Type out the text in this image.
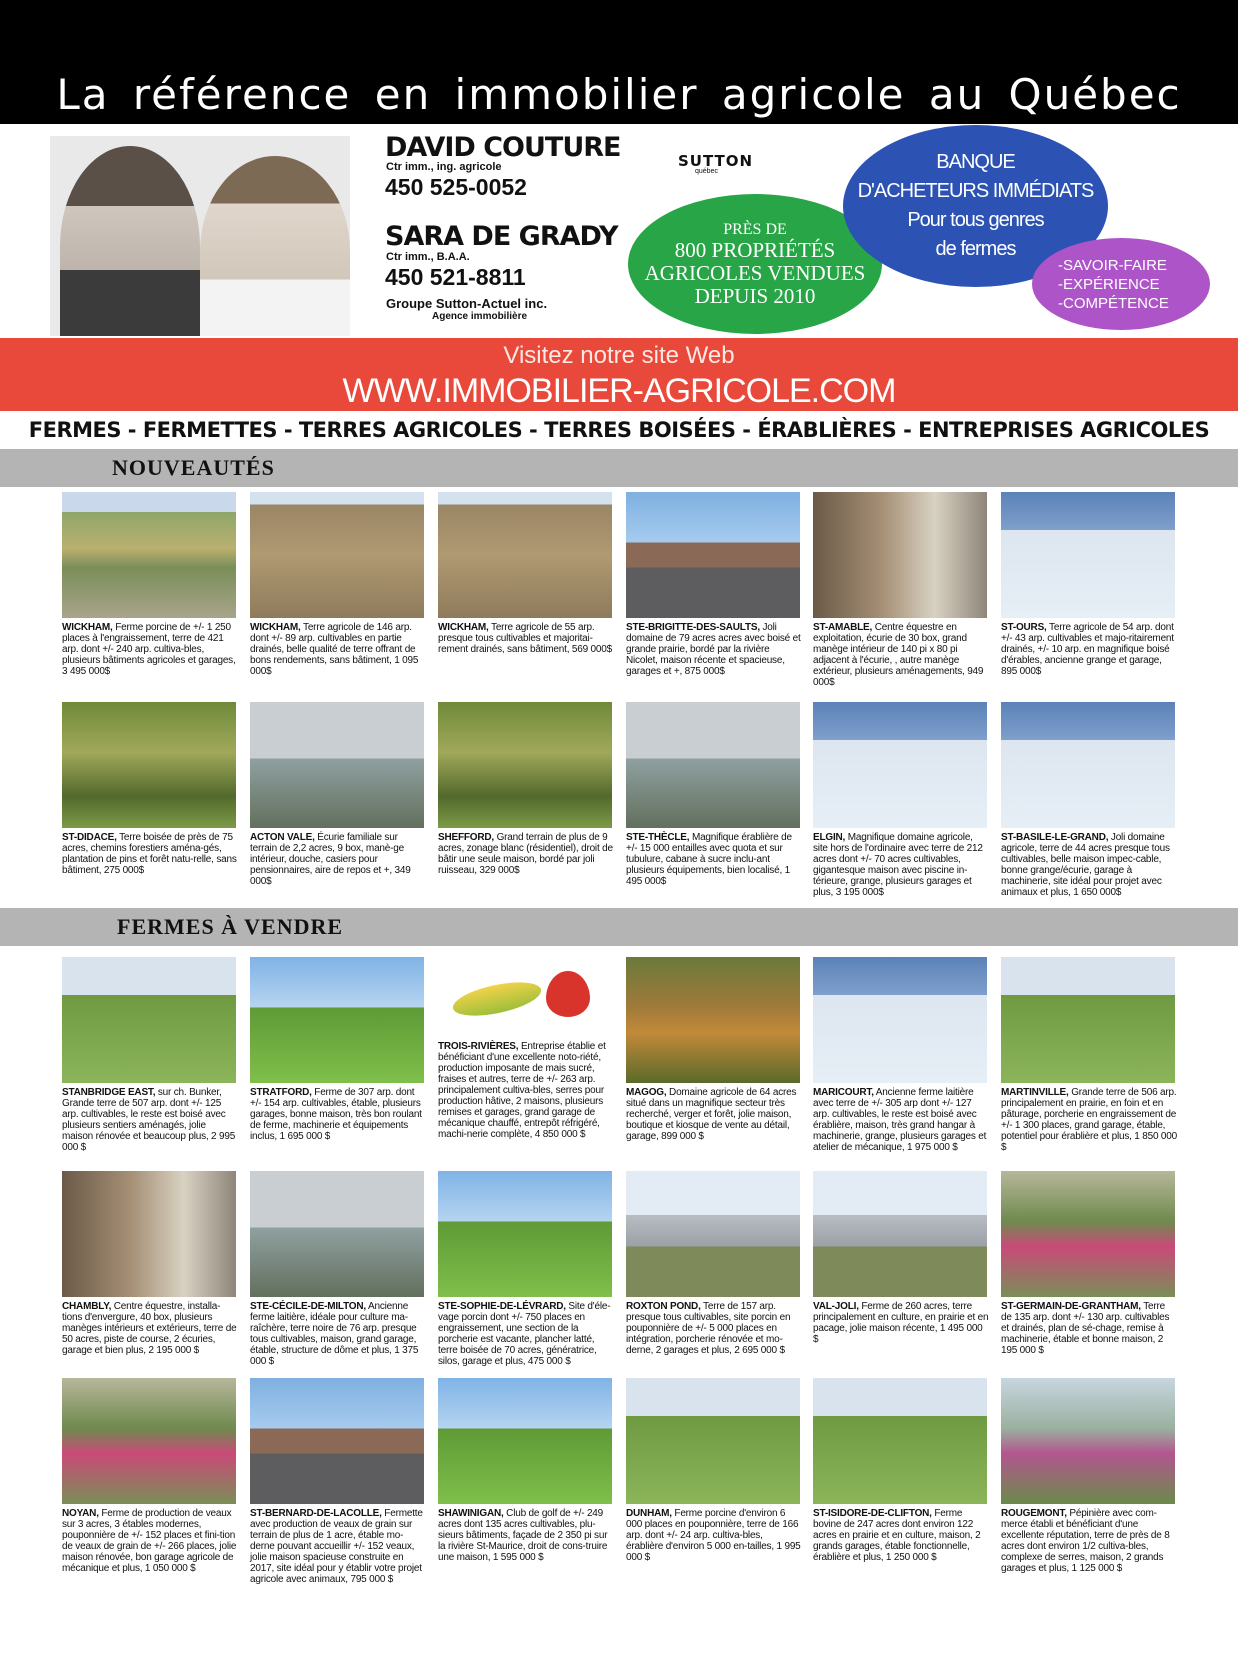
La référence en immobilier agricole au Québec
DAVID COUTURE
Ctr imm., ing. agricole
450 525-0052
SARA DE GRADY
Ctr imm., B.A.A.
450 521-8811
Groupe Sutton-Actuel inc.
Agence immobilière
SUTTON
québec
PRÈS DE
800 PROPRIÉTÉS
AGRICOLES VENDUES
DEPUIS 2010
BANQUE
D'ACHETEURS IMMÉDIATS
Pour tous genres
de fermes
-SAVOIR-FAIRE
-EXPÉRIENCE
-COMPÉTENCE
Visitez notre site Web
WWW.IMMOBILIER-AGRICOLE.COM
FERMES - FERMETTES - TERRES AGRICOLES - TERRES BOISÉES - ÉRABLIÈRES - ENTREPRISES AGRICOLES
NOUVEAUTÉS
FERMES À VENDRE
WICKHAM, Ferme porcine de +/- 1 250 places à l'engraissement, terre de 421 arp. dont +/- 240 arp. cultiva-bles, plusieurs bâtiments agricoles et garages, 3 495 000$
WICKHAM, Terre agricole de 146 arp. dont +/- 89 arp. cultivables en partie drainés, belle qualité de terre offrant de bons rendements, sans bâtiment, 1 095 000$
WICKHAM, Terre agricole de 55 arp. presque tous cultivables et majoritai-rement drainés, sans bâtiment, 569 000$
STE-BRIGITTE-DES-SAULTS, Joli domaine de 79 acres acres avec boisé et grande prairie, bordé par la rivière Nicolet, maison récente et spacieuse, garages et +, 875 000$
ST-AMABLE, Centre équestre en exploitation, écurie de 30 box, grand manège intérieur de 140 pi x 80 pi adjacent à l'écurie, , autre manège extérieur, plusieurs aménagements, 949 000$
ST-OURS, Terre agricole de 54 arp. dont +/- 43 arp. cultivables et majo-ritairement drainés, +/- 10 arp. en magnifique boisé d'érables, ancienne grange et garage, 895 000$
ST-DIDACE, Terre boisée de près de 75 acres, chemins forestiers aména-gés, plantation de pins et forêt natu-relle, sans bâtiment, 275 000$
ACTON VALE, Écurie familiale sur terrain de 2,2 acres, 9 box, manè-ge intérieur, douche, casiers pour pensionnaires, aire de repos et +, 349 000$
SHEFFORD, Grand terrain de plus de 9 acres, zonage blanc (résidentiel), droit de bâtir une seule maison, bordé par joli ruisseau, 329 000$
STE-THÈCLE, Magnifique érablière de +/- 15 000 entailles avec quota et sur tubulure, cabane à sucre inclu-ant plusieurs équipements, bien localisé, 1 495 000$
ELGIN, Magnifique domaine agricole, site hors de l'ordinaire avec terre de 212 acres dont +/- 70 acres cultivables, gigantesque maison avec piscine in-térieure, grange, plusieurs garages et plus, 3 195 000$
ST-BASILE-LE-GRAND, Joli domaine agricole, terre de 44 acres presque tous cultivables, belle maison impec-cable, bonne grange/écurie, garage à machinerie, site idéal pour projet avec animaux et plus, 1 650 000$
STANBRIDGE EAST, sur ch. Bunker, Grande terre de 507 arp. dont +/- 125 arp. cultivables, le reste est boisé avec plusieurs sentiers aménagés, jolie maison rénovée et beaucoup plus, 2 995 000 $
STRATFORD, Ferme de 307 arp. dont +/- 154 arp. cultivables, étable, plusieurs garages, bonne maison, très bon roulant de ferme, machinerie et équipements inclus, 1 695 000 $
TROIS-RIVIÈRES, Entreprise établie et bénéficiant d'une excellente noto-riété, production imposante de mais sucré, fraises et autres, terre de +/- 263 arp. principalement cultiva-bles, serres pour production hâtive, 2 maisons, plusieurs remises et garages, grand garage de mécanique chauffé, entrepôt réfrigéré, machi-nerie complète, 4 850 000 $
MAGOG, Domaine agricole de 64 acres situé dans un magnifique secteur très recherché, verger et forêt, jolie maison, boutique et kiosque de vente au détail, garage, 899 000 $
MARICOURT, Ancienne ferme laitière avec terre de +/- 305 arp dont +/- 127 arp. cultivables, le reste est boisé avec érablière, maison, très grand hangar à machinerie, grange, plusieurs garages et atelier de mécanique, 1 975 000 $
MARTINVILLE, Grande terre de 506 arp. principalement en prairie, en foin et en pâturage, porcherie en engraissement de +/- 1 300 places, grand garage, étable, potentiel pour érablière et plus, 1 850 000 $
CHAMBLY, Centre équestre, installa-tions d'envergure, 40 box, plusieurs manèges intérieurs et extérieurs, terre de 50 acres, piste de course, 2 écuries, garage et bien plus, 2 195 000 $
STE-CÉCILE-DE-MILTON, Ancienne ferme laitière, idéale pour culture ma-raîchère, terre noire de 76 arp. presque tous cultivables, maison, grand garage, étable, structure de dôme et plus, 1 375 000 $
STE-SOPHIE-DE-LÉVRARD, Site d'éle-vage porcin dont +/- 750 places en engraissement, une section de la porcherie est vacante, plancher latté, terre boisée de 70 acres, génératrice, silos, garage et plus, 475 000 $
ROXTON POND, Terre de 157 arp. presque tous cultivables, site porcin en pouponnière de +/- 5 000 places en intégration, porcherie rénovée et mo-derne, 2 garages et plus, 2 695 000 $
VAL-JOLI, Ferme de 260 acres, terre principalement en culture, en prairie et en pacage, jolie maison récente, 1 495 000 $
ST-GERMAIN-DE-GRANTHAM, Terre de 135 arp. dont +/- 130 arp. cultivables et drainés, plan de sé-chage, remise à machinerie, étable et bonne maison, 2 195 000 $
NOYAN, Ferme de production de veaux sur 3 acres, 3 étables modernes, pouponnière de +/- 152 places et fini-tion de veaux de grain de +/- 266 places, jolie maison rénovée, bon garage agricole de mécanique et plus, 1 050 000 $
ST-BERNARD-DE-LACOLLE, Fermette avec production de veaux de grain sur terrain de plus de 1 acre, étable mo-derne pouvant accueillir +/- 152 veaux, jolie maison spacieuse construite en 2017, site idéal pour y établir votre projet agricole avec animaux, 795 000 $
SHAWINIGAN, Club de golf de +/- 249 acres dont 135 acres cultivables, plu-sieurs bâtiments, façade de 2 350 pi sur la rivière St-Maurice, droit de cons-truire une maison, 1 595 000 $
DUNHAM, Ferme porcine d'environ 6 000 places en pouponnière, terre de 166 arp. dont +/- 24 arp. cultiva-bles, érablière d'environ 5 000 en-tailles, 1 995 000 $
ST-ISIDORE-DE-CLIFTON, Ferme bovine de 247 acres dont environ 122 acres en prairie et en culture, maison, 2 grands garages, étable fonctionnelle, érablière et plus, 1 250 000 $
ROUGEMONT, Pépinière avec com-merce établi et bénéficiant d'une excellente réputation, terre de près de 8 acres dont environ 1/2 cultiva-bles, complexe de serres, maison, 2 grands garages et plus, 1 125 000 $
